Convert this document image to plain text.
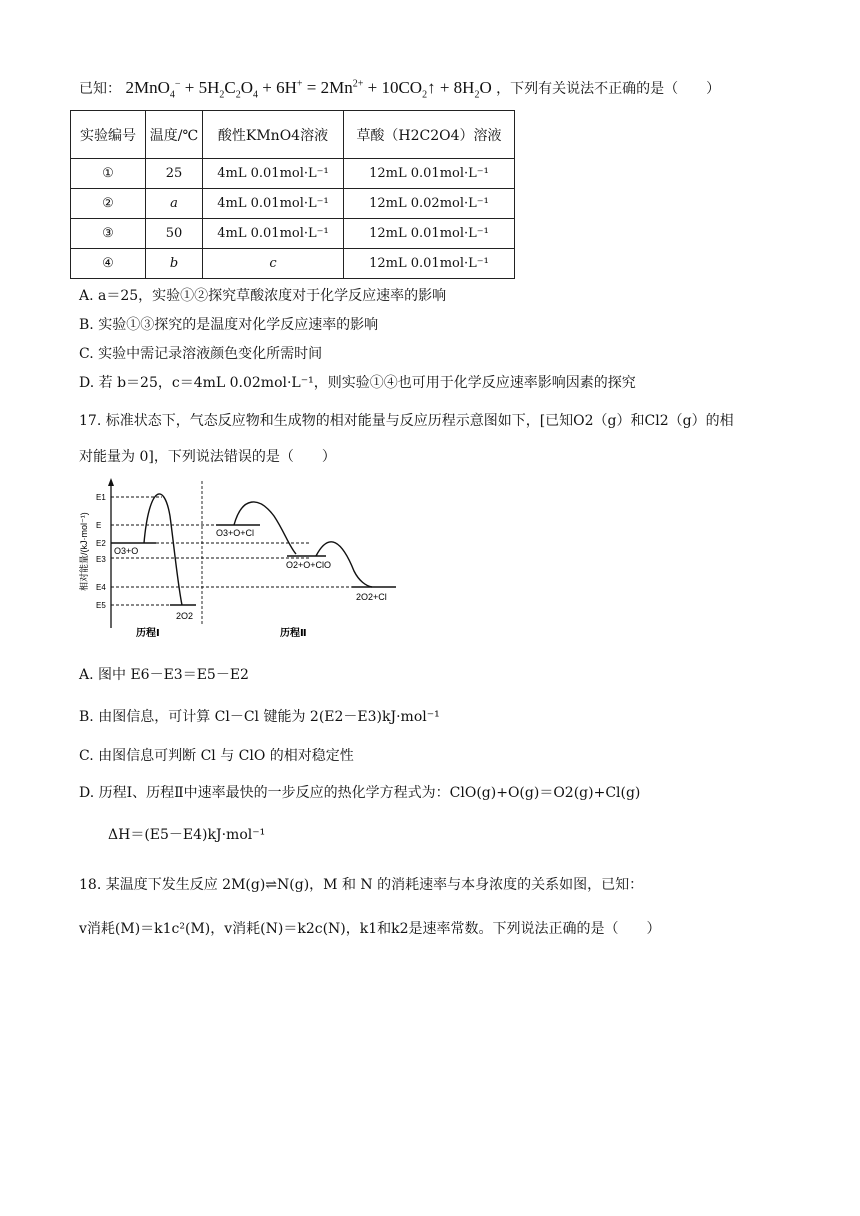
已知： $2MnO_4^- + 5H_2C_2O_4 + 6H^+ = 2Mn^{2+}$ + $10CO_2↑ + 8H_2O$ ，下列有关说法不正确的是（　　）
实验编号	温度/℃	酸性KMnO4溶液	草酸（H2C2O4）溶液
①	25	4mL 0.01mol·L⁻¹	12mL 0.01mol·L⁻¹
②	a	4mL 0.01mol·L⁻¹	12mL 0.02mol·L⁻¹
③	50	4mL 0.01mol·L⁻¹	12mL 0.01mol·L⁻¹
④	b	c	12mL 0.01mol·L⁻¹
A. a＝25，实验①②探究草酸浓度对于化学反应速率的影响
B. 实验①③探究的是温度对化学反应速率的影响
C. 实验中需记录溶液颜色变化所需时间
D. 若 b＝25，c＝4mL 0.02mol·L⁻¹，则实验①④也可用于化学反应速率影响因素的探究
17. 标准状态下，气态反应物和生成物的相对能量与反应历程示意图如下，[已知O2（g）和Cl2（g）的相
对能量为 0]，下列说法错误的是（　　）
相对能量/(kJ·mol⁻¹)
E1
E
E2
E3
E4
E5
O3+O
2O2
O3+O+Cl
O2+O+ClO
2O2+Cl
历程Ⅰ	历程Ⅱ
A. 图中 E6－E3＝E5－E2
B. 由图信息，可计算 Cl－Cl 键能为 2(E2－E3)kJ·mol⁻¹
C. 由图信息可判断 Cl 与 ClO 的相对稳定性
D. 历程Ⅰ、历程Ⅱ中速率最快的一步反应的热化学方程式为：ClO(g)+O(g)＝O2(g)+Cl(g)
ΔH＝(E5－E4)kJ·mol⁻¹
18. 某温度下发生反应 2M(g)⇌N(g)，M 和 N 的消耗速率与本身浓度的关系如图，已知：
v消耗(M)＝k1c²(M)，v消耗(N)＝k2c(N)，k1和k2是速率常数。下列说法正确的是（　　）
